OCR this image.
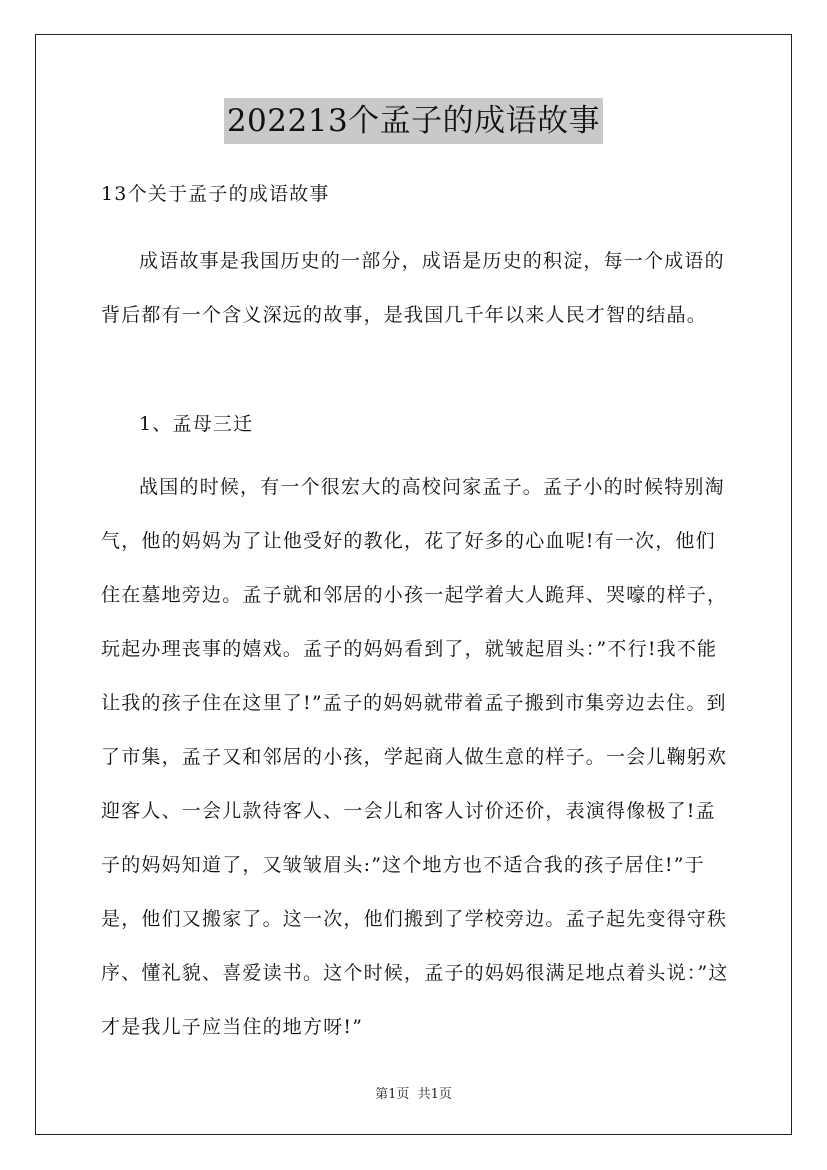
202213个孟子的成语故事

13个关于孟子的成语故事

成语故事是我国历史的一部分，成语是历史的积淀，每一个成语的背后都有一个含义深远的故事，是我国几千年以来人民才智的结晶。

1、孟母三迁

战国的时候，有一个很宏大的高校问家孟子。孟子小的时候特别淘气，他的妈妈为了让他受好的教化，花了好多的心血呢!有一次，他们住在墓地旁边。孟子就和邻居的小孩一起学着大人跪拜、哭嚎的样子，玩起办理丧事的嬉戏。孟子的妈妈看到了，就皱起眉头：”不行!我不能让我的孩子住在这里了!”孟子的妈妈就带着孟子搬到市集旁边去住。到了市集，孟子又和邻居的小孩，学起商人做生意的样子。一会儿鞠躬欢迎客人、一会儿款待客人、一会儿和客人讨价还价，表演得像极了!孟子的妈妈知道了，又皱皱眉头:”这个地方也不适合我的孩子居住!”于是，他们又搬家了。这一次，他们搬到了学校旁边。孟子起先变得守秩序、懂礼貌、喜爱读书。这个时候，孟子的妈妈很满足地点着头说：”这才是我儿子应当住的地方呀!”

第1页 共1页
